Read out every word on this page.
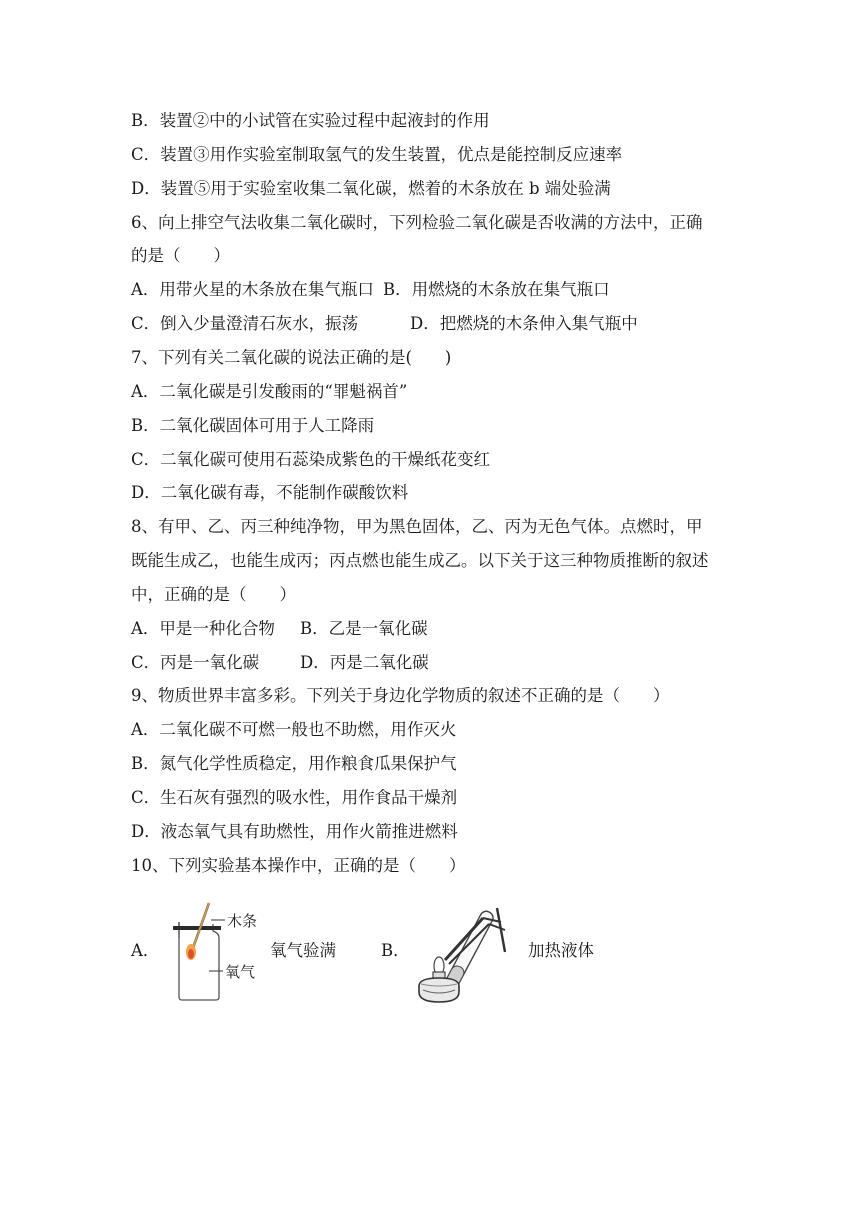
B．装置②中的小试管在实验过程中起液封的作用
C．装置③用作实验室制取氢气的发生装置，优点是能控制反应速率
D．装置⑤用于实验室收集二氧化碳，燃着的木条放在 b 端处验满
6、向上排空气法收集二氧化碳时，下列检验二氧化碳是否收满的方法中，正确
的是（　　）
A．用带火星的木条放在集气瓶口 B．用燃烧的木条放在集气瓶口
C．倒入少量澄清石灰水，振荡	D．把燃烧的木条伸入集气瓶中
7、下列有关二氧化碳的说法正确的是(　　)
A．二氧化碳是引发酸雨的“罪魁祸首”
B．二氧化碳固体可用于人工降雨
C．二氧化碳可使用石蕊染成紫色的干燥纸花变红
D．二氧化碳有毒，不能制作碳酸饮料
8、有甲、乙、丙三种纯净物，甲为黑色固体，乙、丙为无色气体。点燃时，甲
既能生成乙，也能生成丙；丙点燃也能生成乙。以下关于这三种物质推断的叙述
中，正确的是（　　）
A．甲是一种化合物 B．乙是一氧化碳
C．丙是一氧化碳 D．丙是二氧化碳
9、物质世界丰富多彩。下列关于身边化学物质的叙述不正确的是（　　）
A．二氧化碳不可燃一般也不助燃，用作灭火
B．氮气化学性质稳定，用作粮食瓜果保护气
C．生石灰有强烈的吸水性，用作食品干燥剂
D．液态氧气具有助燃性，用作火箭推进燃料
10、下列实验基本操作中，正确的是（　　）
A．
木条
氧气
氧气验满	B．	加热液体
